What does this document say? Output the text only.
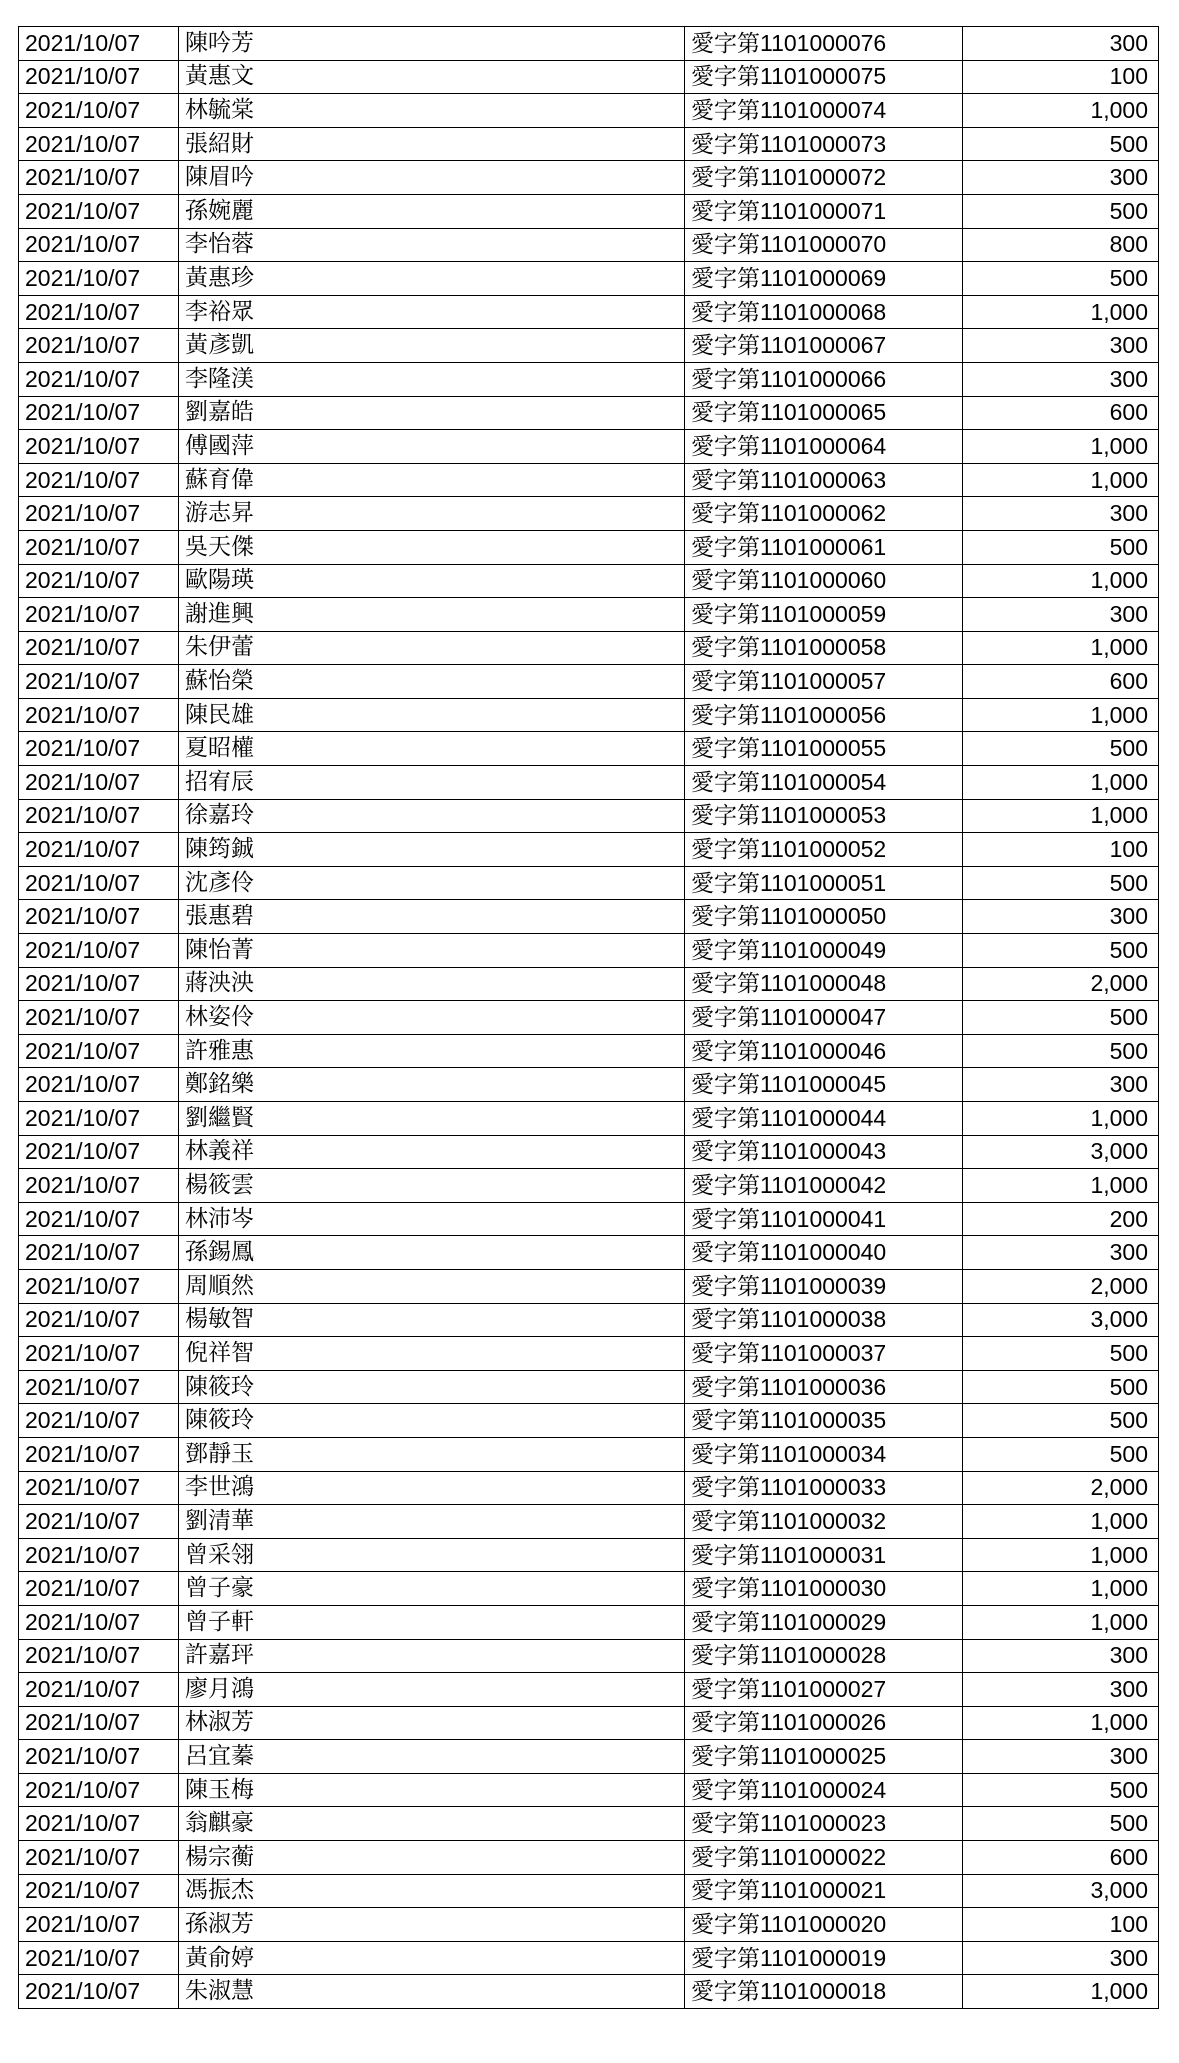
2021/10/07	陳吟芳	愛字第1101000076	300
2021/10/07	黃惠文	愛字第1101000075	100
2021/10/07	林毓棠	愛字第1101000074	1,000
2021/10/07	張紹財	愛字第1101000073	500
2021/10/07	陳眉吟	愛字第1101000072	300
2021/10/07	孫婉麗	愛字第1101000071	500
2021/10/07	李怡蓉	愛字第1101000070	800
2021/10/07	黃惠珍	愛字第1101000069	500
2021/10/07	李裕眾	愛字第1101000068	1,000
2021/10/07	黃彥凱	愛字第1101000067	300
2021/10/07	李隆渼	愛字第1101000066	300
2021/10/07	劉嘉皓	愛字第1101000065	600
2021/10/07	傅國萍	愛字第1101000064	1,000
2021/10/07	蘇育偉	愛字第1101000063	1,000
2021/10/07	游志昇	愛字第1101000062	300
2021/10/07	吳天傑	愛字第1101000061	500
2021/10/07	歐陽瑛	愛字第1101000060	1,000
2021/10/07	謝進興	愛字第1101000059	300
2021/10/07	朱伊蕾	愛字第1101000058	1,000
2021/10/07	蘇怡榮	愛字第1101000057	600
2021/10/07	陳民雄	愛字第1101000056	1,000
2021/10/07	夏昭權	愛字第1101000055	500
2021/10/07	招宥辰	愛字第1101000054	1,000
2021/10/07	徐嘉玲	愛字第1101000053	1,000
2021/10/07	陳筠鋮	愛字第1101000052	100
2021/10/07	沈彥伶	愛字第1101000051	500
2021/10/07	張惠碧	愛字第1101000050	300
2021/10/07	陳怡菁	愛字第1101000049	500
2021/10/07	蔣泱泱	愛字第1101000048	2,000
2021/10/07	林姿伶	愛字第1101000047	500
2021/10/07	許雅惠	愛字第1101000046	500
2021/10/07	鄭銘樂	愛字第1101000045	300
2021/10/07	劉繼賢	愛字第1101000044	1,000
2021/10/07	林義祥	愛字第1101000043	3,000
2021/10/07	楊筱雲	愛字第1101000042	1,000
2021/10/07	林沛岑	愛字第1101000041	200
2021/10/07	孫錫鳳	愛字第1101000040	300
2021/10/07	周順然	愛字第1101000039	2,000
2021/10/07	楊敏智	愛字第1101000038	3,000
2021/10/07	倪祥智	愛字第1101000037	500
2021/10/07	陳筱玲	愛字第1101000036	500
2021/10/07	陳筱玲	愛字第1101000035	500
2021/10/07	鄧靜玉	愛字第1101000034	500
2021/10/07	李世鴻	愛字第1101000033	2,000
2021/10/07	劉清華	愛字第1101000032	1,000
2021/10/07	曾采翎	愛字第1101000031	1,000
2021/10/07	曾子豪	愛字第1101000030	1,000
2021/10/07	曾子軒	愛字第1101000029	1,000
2021/10/07	許嘉玶	愛字第1101000028	300
2021/10/07	廖月鴻	愛字第1101000027	300
2021/10/07	林淑芳	愛字第1101000026	1,000
2021/10/07	呂宜蓁	愛字第1101000025	300
2021/10/07	陳玉梅	愛字第1101000024	500
2021/10/07	翁麒豪	愛字第1101000023	500
2021/10/07	楊宗蘅	愛字第1101000022	600
2021/10/07	馮振杰	愛字第1101000021	3,000
2021/10/07	孫淑芳	愛字第1101000020	100
2021/10/07	黃俞婷	愛字第1101000019	300
2021/10/07	朱淑慧	愛字第1101000018	1,000
